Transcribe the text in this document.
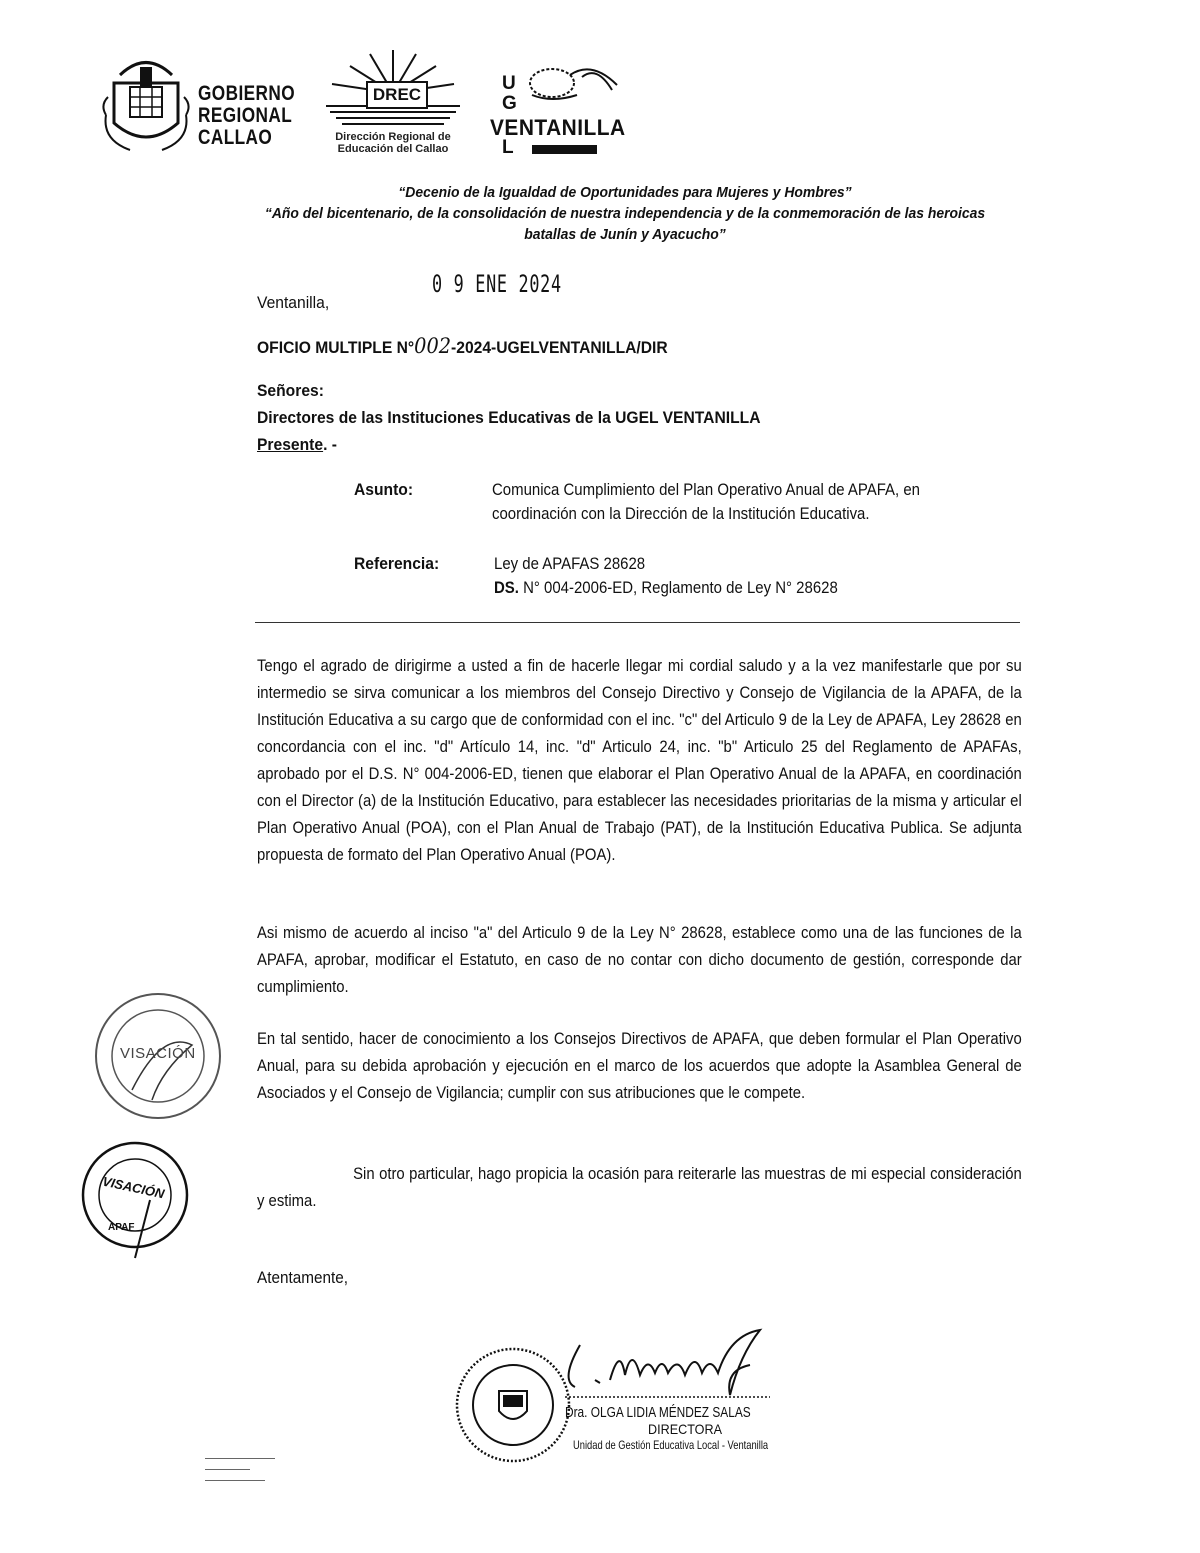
GOBIERNO
REGIONAL
CALLAO
DREC
Dirección Regional de
Educación del Callao
U
G
VENTANILLA
L
“Decenio de la Igualdad de Oportunidades para Mujeres y Hombres”
“Año del bicentenario, de la consolidación de nuestra independencia y de la conmemoración de las heroicas
batallas de Junín y Ayacucho”
Ventanilla,
0 9 ENE 2024
OFICIO MULTIPLE N°002-2024-UGELVENTANILLA/DIR
Señores:
Directores de las Instituciones Educativas de la UGEL VENTANILLA
Presente. -
Asunto:	Comunica Cumplimiento del Plan Operativo Anual de APAFA, en
coordinación con la Dirección de la Institución Educativa.
Referencia:	Ley de APAFAS 28628
DS. N° 004-2006-ED, Reglamento de Ley N° 28628
Tengo el agrado de dirigirme a usted a fin de hacerle llegar mi cordial saludo y a la vez manifestarle que por su intermedio se sirva comunicar a los miembros del Consejo Directivo y Consejo de Vigilancia de la APAFA, de la Institución Educativa a su cargo que de conformidad con el inc. "c" del Articulo 9 de la Ley de APAFA, Ley 28628 en concordancia con el inc. "d" Artículo 14, inc. "d" Articulo 24, inc. "b" Articulo 25 del Reglamento de APAFAs, aprobado por el D.S. N° 004-2006-ED, tienen que elaborar el Plan Operativo Anual de la APAFA, en coordinación con el Director (a) de la Institución Educativo, para establecer las necesidades prioritarias de la misma y articular el Plan Operativo Anual (POA), con el Plan Anual de Trabajo (PAT), de la Institución Educativa Publica. Se adjunta propuesta de formato del Plan Operativo Anual (POA).
Asi mismo de acuerdo al inciso "a" del Articulo 9 de la Ley N° 28628, establece como una de las funciones de la APAFA, aprobar, modificar el Estatuto, en caso de no contar con dicho documento de gestión, corresponde dar cumplimiento.
En tal sentido, hacer de conocimiento a los Consejos Directivos de APAFA, que deben formular el Plan Operativo Anual, para su debida aprobación y ejecución en el marco de los acuerdos que adopte la Asamblea General de Asociados y el Consejo de Vigilancia; cumplir con sus atribuciones que le compete.
Sin otro particular, hago propicia la ocasión para reiterarle las muestras de mi especial consideración y estima.
Atentamente,
VISACIÓN
VISACIÓN
APAF
Dra. OLGA LIDIA MÉNDEZ SALAS
DIRECTORA
Unidad de Gestión Educativa Local - Ventanilla
